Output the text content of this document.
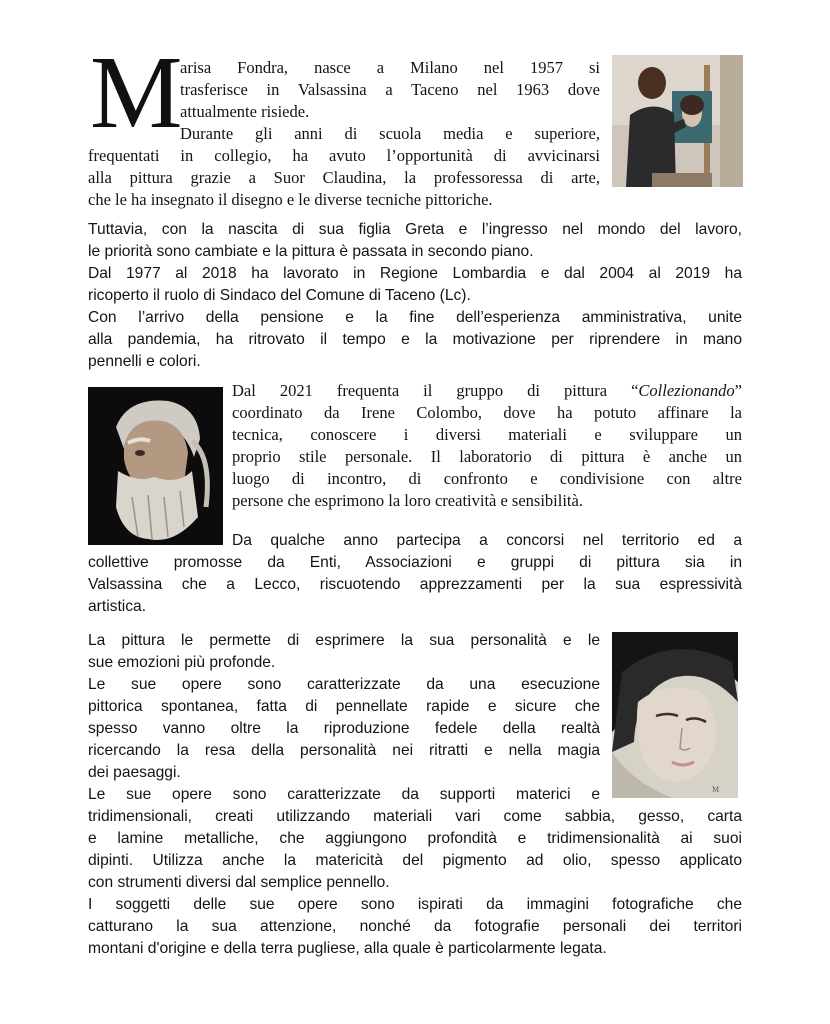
M
arisa Fondra, nasce a Milano nel 1957 si
trasferisce in Valsassina a Taceno nel 1963 dove
attualmente risiede.
Durante gli anni di scuola media e superiore,
frequentati in collegio, ha avuto l’opportunità di avvicinarsi
alla pittura grazie a Suor Claudina, la professoressa di arte,
che le ha insegnato il disegno e le diverse tecniche pittoriche.
Tuttavia, con la nascita di sua figlia Greta e l’ingresso nel mondo del lavoro,
le priorità sono cambiate e la pittura è passata in secondo piano.
Dal 1977 al 2018 ha lavorato in Regione Lombardia e dal 2004 al 2019 ha
ricoperto il ruolo di Sindaco del Comune di Taceno (Lc).
Con l’arrivo della pensione e la fine dell’esperienza amministrativa, unite
alla pandemia, ha ritrovato il tempo e la motivazione per riprendere in mano
pennelli e colori.
Dal 2021 frequenta il gruppo di pittura “Collezionando”
coordinato da Irene Colombo, dove ha potuto affinare la
tecnica, conoscere i diversi materiali e sviluppare un
proprio stile personale. Il laboratorio di pittura è anche un
luogo di incontro, di confronto e condivisione con altre
persone che esprimono la loro creatività e sensibilità.
Da qualche anno partecipa a concorsi nel territorio ed a
collettive promosse da Enti, Associazioni e gruppi di pittura sia in
Valsassina che a Lecco, riscuotendo apprezzamenti per la sua espressività
artistica.
M
La pittura le permette di esprimere la sua personalità e le
sue emozioni più profonde.
Le sue opere sono caratterizzate da una esecuzione
pittorica spontanea, fatta di pennellate rapide e sicure che
spesso vanno oltre la riproduzione fedele della realtà
ricercando la resa della personalità nei ritratti e nella magia
dei paesaggi.
Le sue opere sono caratterizzate da supporti materici e
tridimensionali, creati utilizzando materiali vari come sabbia, gesso, carta
e lamine metalliche, che aggiungono profondità e tridimensionalità ai suoi
dipinti. Utilizza anche la matericità del pigmento ad olio, spesso applicato
con strumenti diversi dal semplice pennello.
I soggetti delle sue opere sono ispirati da immagini fotografiche che
catturano la sua attenzione, nonché da fotografie personali dei territori
montani d'origine e della terra pugliese, alla quale è particolarmente legata.
